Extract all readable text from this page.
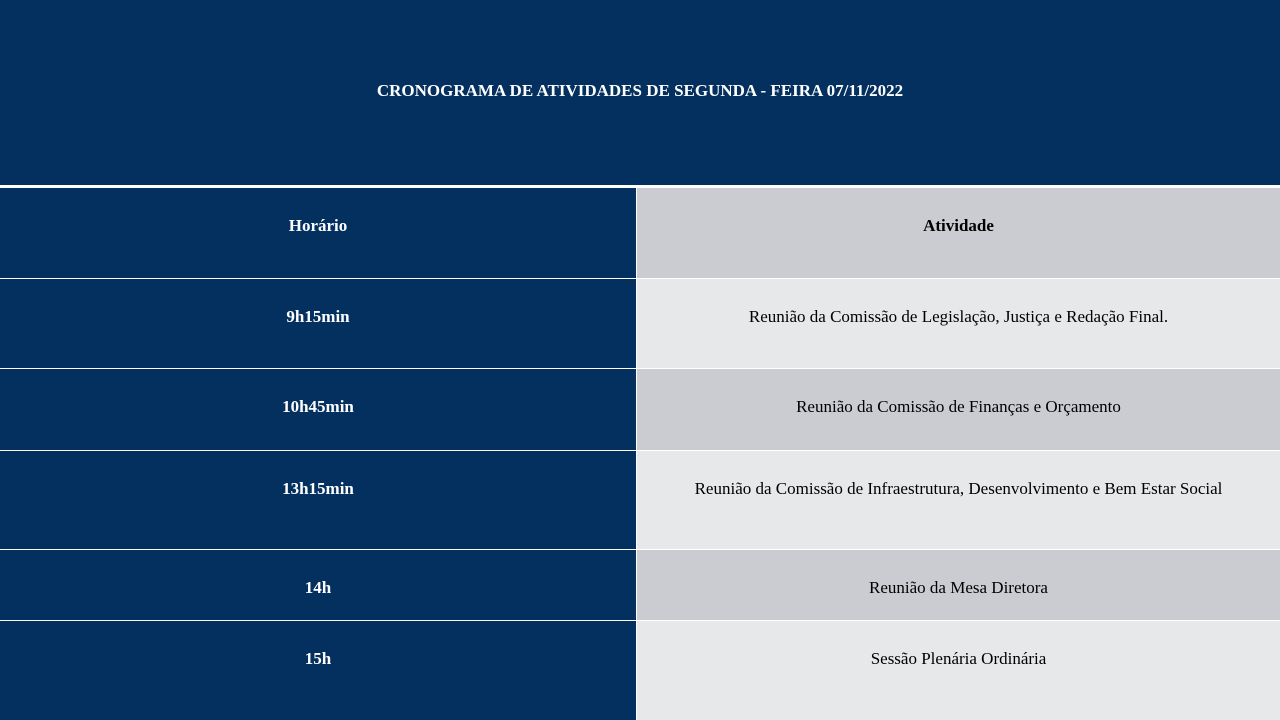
CRONOGRAMA DE ATIVIDADES DE SEGUNDA - FEIRA 07/11/2022
Horário	Atividade
9h15min	Reunião da Comissão de Legislação, Justiça e Redação Final.
10h45min	Reunião da Comissão de Finanças e Orçamento
13h15min	Reunião da Comissão de Infraestrutura, Desenvolvimento e Bem Estar Social
14h	Reunião da Mesa Diretora
15h	Sessão Plenária Ordinária
